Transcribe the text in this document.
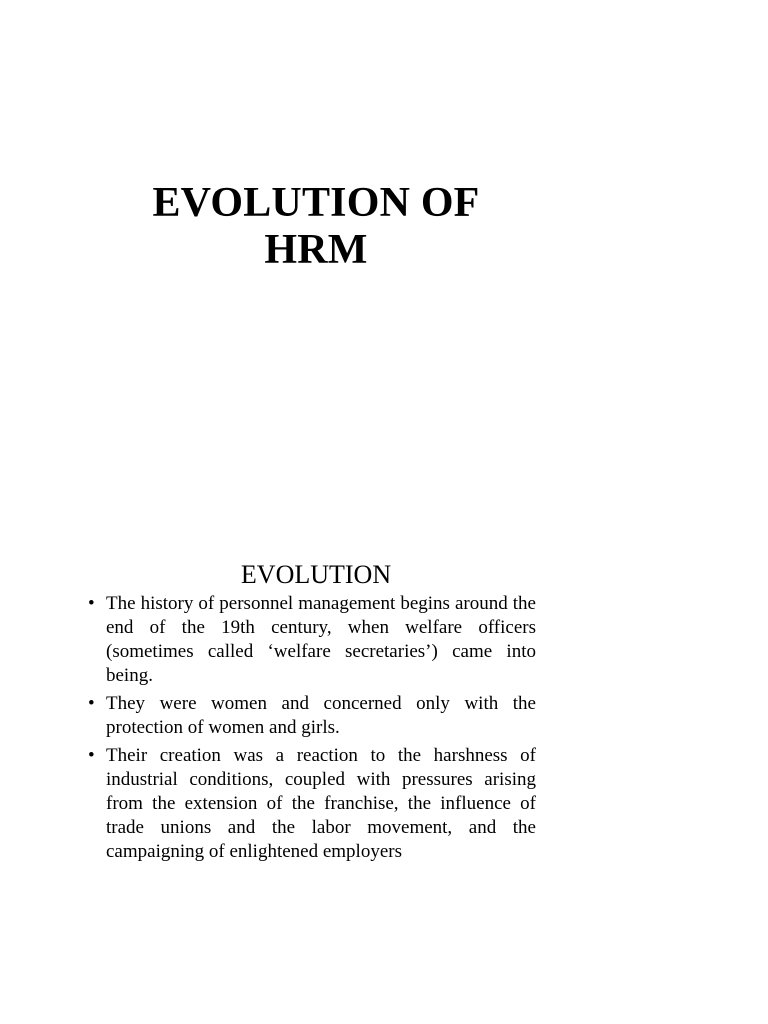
EVOLUTION OF
HRM
EVOLUTION
• The history of personnel management begins around the end of the 19th century, when welfare officers (sometimes called ‘welfare secretaries’) came into being.
• They were women and concerned only with the protection of women and girls.
• Their creation was a reaction to the harshness of industrial conditions, coupled with pressures arising from the extension of the franchise, the influence of trade unions and the labor movement, and the campaigning of enlightened employers
